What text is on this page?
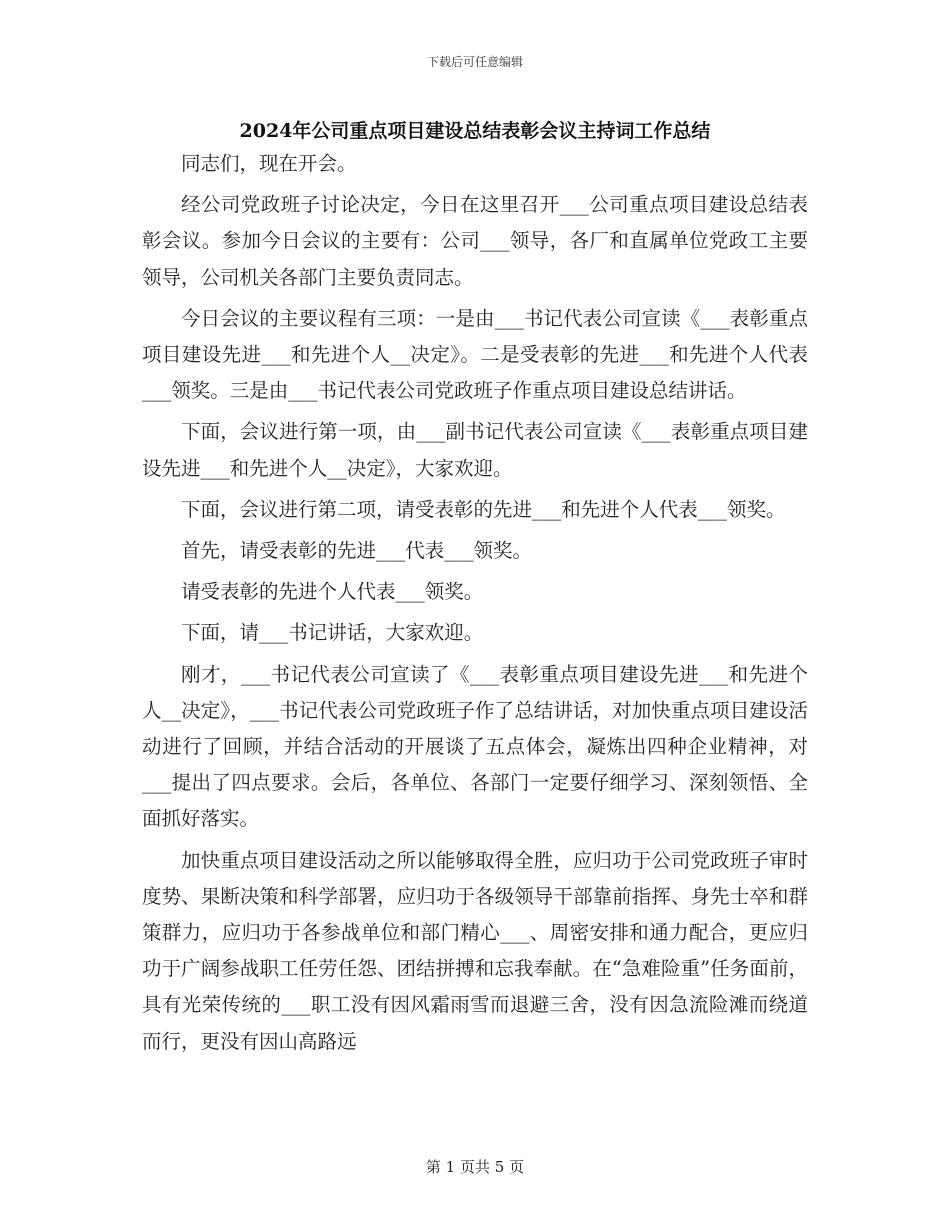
下载后可任意编辑
2024年公司重点项目建设总结表彰会议主持词工作总结

同志们，现在开会。

经公司党政班子讨论决定，今日在这里召开___公司重点项目建设总结表彰会议。参加今日会议的主要有：公司___领导，各厂和直属单位党政工主要领导，公司机关各部门主要负责同志。

今日会议的主要议程有三项：一是由___书记代表公司宣读《___表彰重点项目建设先进___和先进个人__决定》。二是受表彰的先进___和先进个人代表___领奖。三是由___书记代表公司党政班子作重点项目建设总结讲话。

下面，会议进行第一项，由___副书记代表公司宣读《___表彰重点项目建设先进___和先进个人__决定》，大家欢迎。

下面，会议进行第二项，请受表彰的先进___和先进个人代表___领奖。

首先，请受表彰的先进___代表___领奖。

请受表彰的先进个人代表___领奖。

下面，请___书记讲话，大家欢迎。

刚才，___书记代表公司宣读了《___表彰重点项目建设先进___和先进个人__决定》，___书记代表公司党政班子作了总结讲话，对加快重点项目建设活动进行了回顾，并结合活动的开展谈了五点体会，凝炼出四种企业精神，对___提出了四点要求。会后，各单位、各部门一定要仔细学习、深刻领悟、全面抓好落实。

加快重点项目建设活动之所以能够取得全胜，应归功于公司党政班子审时度势、果断决策和科学部署，应归功于各级领导干部靠前指挥、身先士卒和群策群力，应归功于各参战单位和部门精心___、周密安排和通力配合，更应归功于广阔参战职工任劳任怨、团结拼搏和忘我奉献。在“急难险重”任务面前，具有光荣传统的___职工没有因风霜雨雪而退避三舍，没有因急流险滩而绕道而行，更没有因山高路远

第 1 页共 5 页
